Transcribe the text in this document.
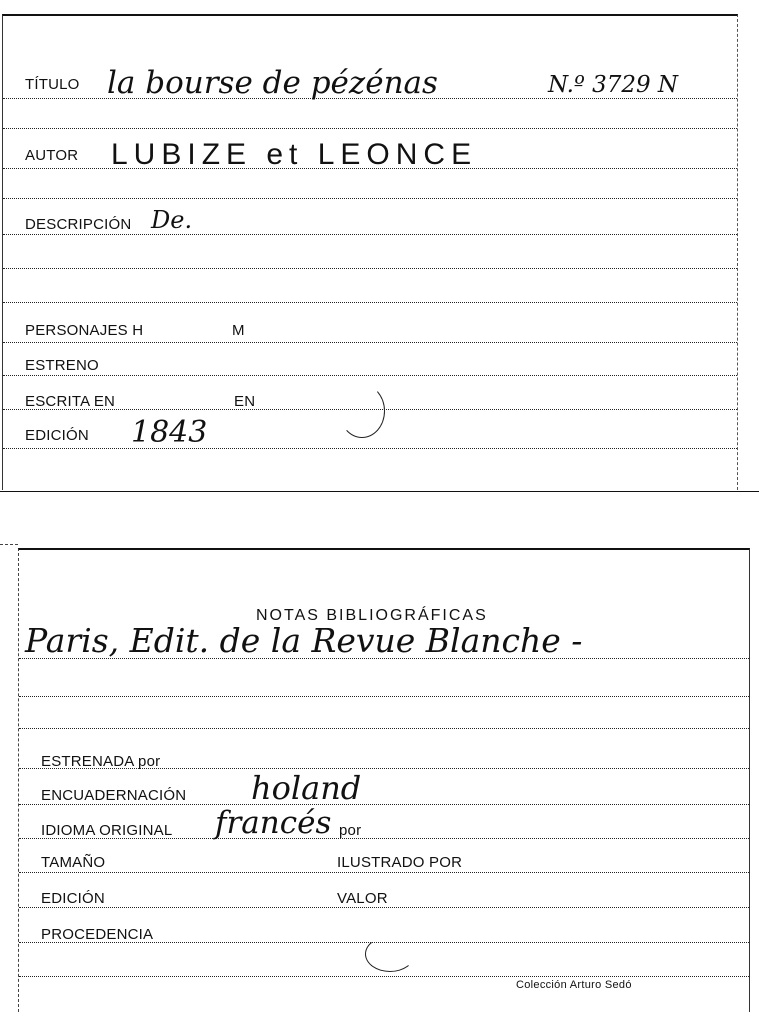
TÍTULO la bourse de pézénas	N.º 3729 N
AUTOR LUBIZE et LEONCE
DESCRIPCIÓN De.
PERSONAJES H	M
ESTRENO
ESCRITA EN	EN
EDICIÓN 1843
NOTAS BIBLIOGRÁFICAS
Paris, Edit. de la Revue Blanche -
ESTRENADA por
ENCUADERNACIÓN holand
IDIOMA ORIGINAL francés por
TAMAÑO	ILUSTRADO POR
EDICIÓN	VALOR
PROCEDENCIA
Colección Arturo Sedó
